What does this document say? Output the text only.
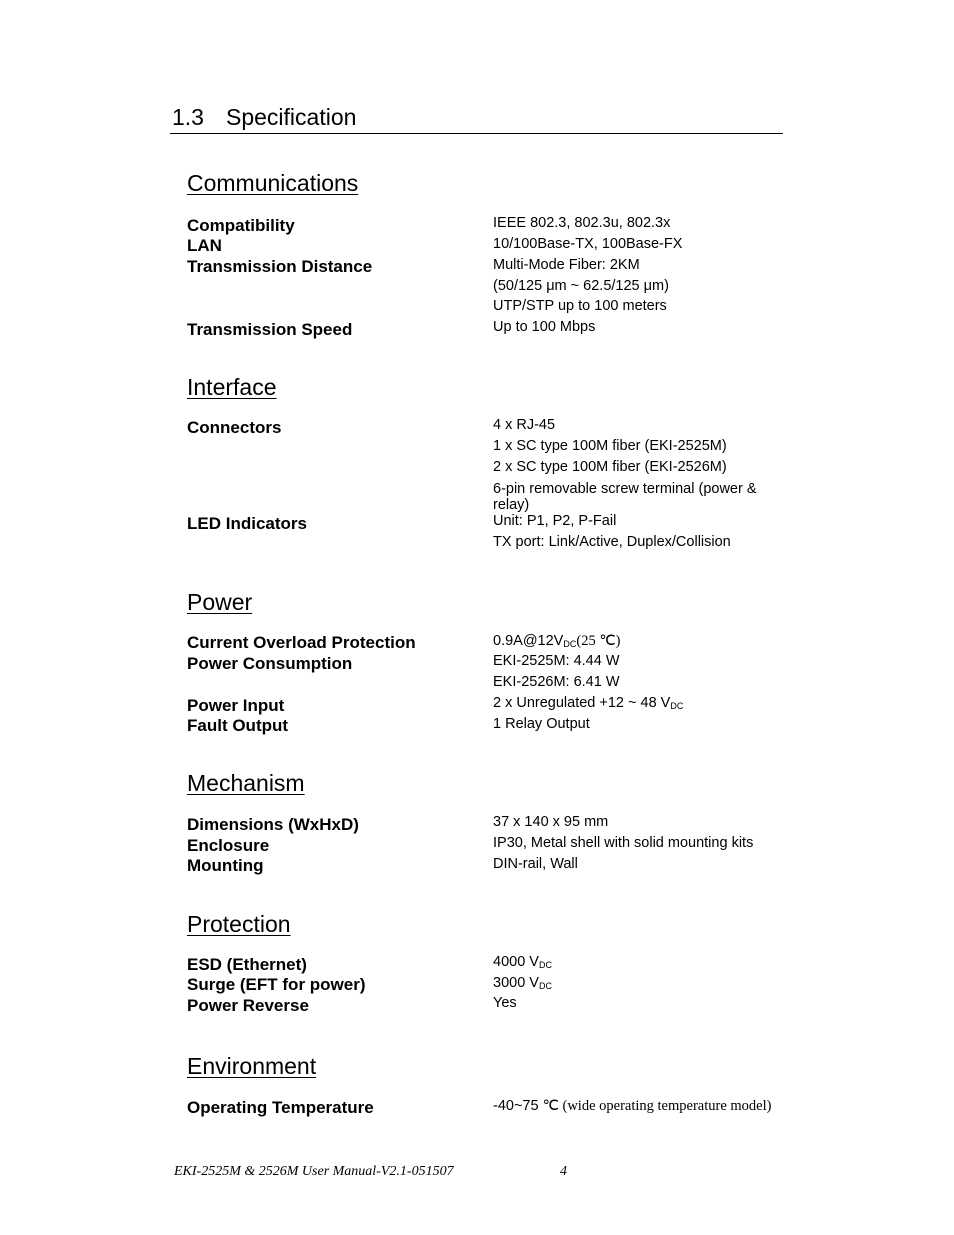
1.3 Specification
Communications
Compatibility	IEEE 802.3, 802.3u, 802.3x
LAN	10/100Base-TX, 100Base-FX
Transmission Distance	Multi-Mode Fiber: 2KM
(50/125 μm ~ 62.5/125 μm)
UTP/STP up to 100 meters
Transmission Speed	Up to 100 Mbps
Interface
Connectors	4 x RJ-45
1 x SC type 100M fiber (EKI-2525M)
2 x SC type 100M fiber (EKI-2526M)
6-pin removable screw terminal (power & relay)
LED Indicators	Unit: P1, P2, P-Fail
TX port: Link/Active, Duplex/Collision
Power
Current Overload Protection	$0.9A@12V_{DC}(25$ ℃)
Power Consumption	EKI-2525M: 4.44 W
EKI-2526M: 6.41 W
Power Input	2 x Unregulated +12 ~ 48 $V_{DC}$
Fault Output	1 Relay Output
Mechanism
Dimensions (WxHxD)	37 x 140 x 95 mm
Enclosure	IP30, Metal shell with solid mounting kits
Mounting	DIN-rail, Wall
Protection
ESD (Ethernet)	4000 $V_{DC}$
Surge (EFT for power)	3000 $V_{DC}$
Power Reverse	Yes
Environment
Operating Temperature	-40~75 ℃ (wide operating temperature model)
EKI-2525M & 2526M User Manual-V2.1-051507	4
